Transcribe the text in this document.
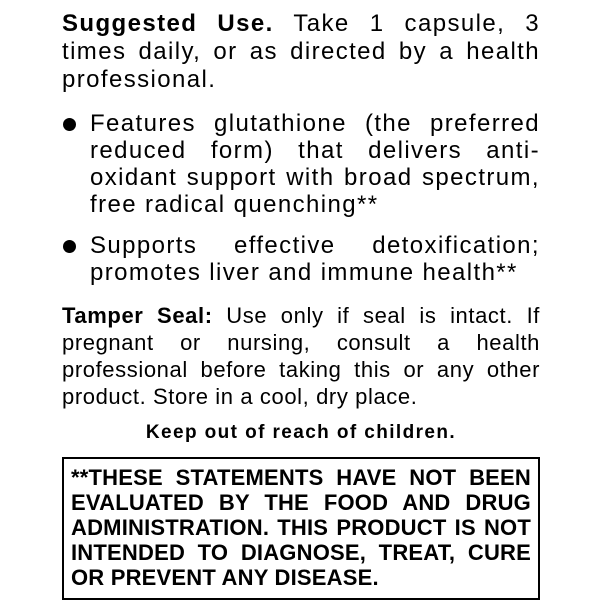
Suggested Use. Take 1 capsule, 3 times daily, or as directed by a health professional.
Features glutathione (the preferred reduced form) that delivers anti-oxidant support with broad spectrum, free radical quenching**
Supports effective detoxification; promotes liver and immune health**
Tamper Seal: Use only if seal is intact. If pregnant or nursing, consult a health professional before taking this or any other product. Store in a cool, dry place.
Keep out of reach of children.
**THESE STATEMENTS HAVE NOT BEEN EVALUATED BY THE FOOD AND DRUG ADMINISTRATION. THIS PRODUCT IS NOT INTENDED TO DIAGNOSE, TREAT, CURE OR PREVENT ANY DISEASE.
